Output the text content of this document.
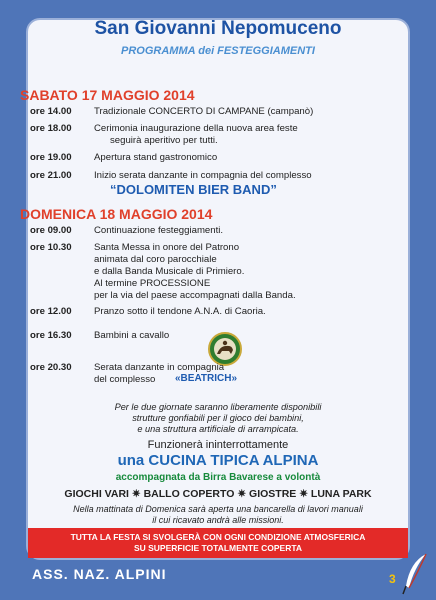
San Giovanni Nepomuceno
PROGRAMMA dei FESTEGGIAMENTI
SABATO 17 MAGGIO 2014
ore 14.00 Tradizionale CONCERTO DI CAMPANE (campanò)
ore 18.00 Cerimonia inaugurazione della nuova area feste
seguirà aperitivo per tutti.
ore 19.00 Apertura stand gastronomico
ore 21.00 Inizio serata danzante in compagnia del complesso
“DOLOMITEN BIER BAND”
DOMENICA 18 MAGGIO 2014
ore 09.00 Continuazione festeggiamenti.
ore 10.30 Santa Messa in onore del Patrono
animata dal coro parocchiale
e dalla Banda Musicale di Primiero.
Al termine PROCESSIONE
per la via del paese accompagnati dalla Banda.
ore 12.00 Pranzo sotto il tendone A.N.A. di Caoria.
ore 16.30 Bambini a cavallo
ore 20.30 Serata danzante in compagnia
del complesso «BEATRICH»
Per le due giornate saranno liberamente disponibili
strutture gonfiabili per il gioco dei bambini,
e una struttura artificiale di arrampicata.
Funzionerà ininterrottamente
una CUCINA TIPICA ALPINA
accompagnata da Birra Bavarese a volontà
GIOCHI VARI ✷ BALLO COPERTO ✷ GIOSTRE ✷ LUNA PARK
Nella mattinata di Domenica sarà aperta una bancarella di lavori manuali
il cui ricavato andrà alle missioni.
TUTTA LA FESTA SI SVOLGERÀ CON OGNI CONDIZIONE ATMOSFERICA
SU SUPERFICIE TOTALMENTE COPERTA
ASS. NAZ. ALPINI	3
